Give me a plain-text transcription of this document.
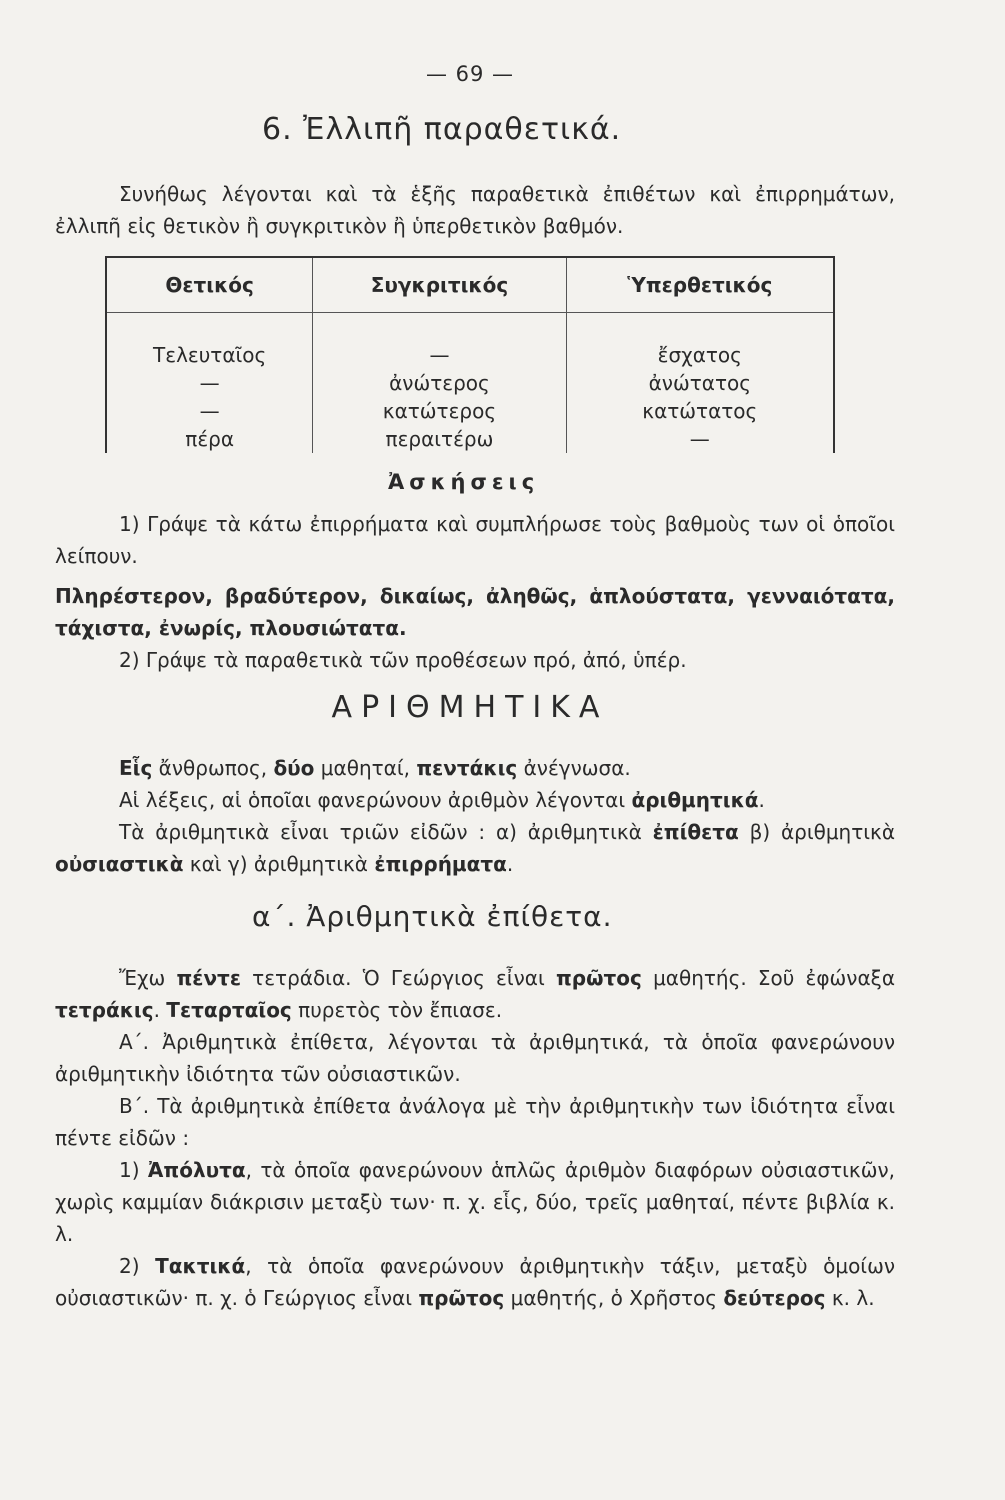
— 69 —
6. Ἐλλιπῆ παραθετικά.

Συνήθως λέγονται καὶ τὰ ἑξῆς παραθετικὰ ἐπιθέτων καὶ ἐπιρρημάτων, ἐλλιπῆ εἰς θετικὸν ἢ συγκριτικὸν ἢ ὑπερθετικὸν βαθμόν.

Θετικός	Συγκριτικός	Ὑπερθετικός

Τελευταῖος	—	ἔσχατος
—	ἀνώτερος	ἀνώτατος
—	κατώτερος	κατώτατος
πέρα	περαιτέρω	—
Ἀσκήσεις

1) Γράψε τὰ κάτω ἐπιρρήματα καὶ συμπλήρωσε τοὺς βαθμοὺς των οἱ ὁποῖοι λείπουν.

Πληρέστερον, βραδύτερον, δικαίως, ἀληθῶς, ἁπλούστατα, γενναιότατα, τάχιστα, ἐνωρίς, πλουσιώτατα.

2) Γράψε τὰ παραθετικὰ τῶν προθέσεων πρό, ἀπό, ὑπέρ.

ΑΡΙΘΜΗΤΙΚΑ

Εἷς ἄνθρωπος, δύο μαθηταί, πεντάκις ἀνέγνωσα.

Αἱ λέξεις, αἱ ὁποῖαι φανερώνουν ἀριθμὸν λέγονται ἀριθμητικά.

Τὰ ἀριθμητικὰ εἶναι τριῶν εἰδῶν : α) ἀριθμητικὰ ἐπίθετα β) ἀριθμητικὰ οὐσιαστικὰ καὶ γ) ἀριθμητικὰ ἐπιρρήματα.

α΄. Ἀριθμητικὰ ἐπίθετα.

Ἔχω πέντε τετράδια. Ὁ Γεώργιος εἶναι πρῶτος μαθητής. Σοῦ ἐφώναξα τετράκις. Τεταρταῖος πυρετὸς τὸν ἔπιασε.

Α΄. Ἀριθμητικὰ ἐπίθετα, λέγονται τὰ ἀριθμητικά, τὰ ὁποῖα φανερώνουν ἀριθμητικὴν ἰδιότητα τῶν οὐσιαστικῶν.

Β΄. Τὰ ἀριθμητικὰ ἐπίθετα ἀνάλογα μὲ τὴν ἀριθμητικὴν των ἰδιότητα εἶναι πέντε εἰδῶν :

1) Ἀπόλυτα, τὰ ὁποῖα φανερώνουν ἁπλῶς ἀριθμὸν διαφόρων οὐσιαστικῶν, χωρὶς καμμίαν διάκρισιν μεταξὺ των· π. χ. εἷς, δύο, τρεῖς μαθηταί, πέντε βιβλία κ. λ.

2) Τακτικά, τὰ ὁποῖα φανερώνουν ἀριθμητικὴν τάξιν, μεταξὺ ὁμοίων οὐσιαστικῶν· π. χ. ὁ Γεώργιος εἶναι πρῶτος μαθητής, ὁ Χρῆστος δεύτερος κ. λ.
